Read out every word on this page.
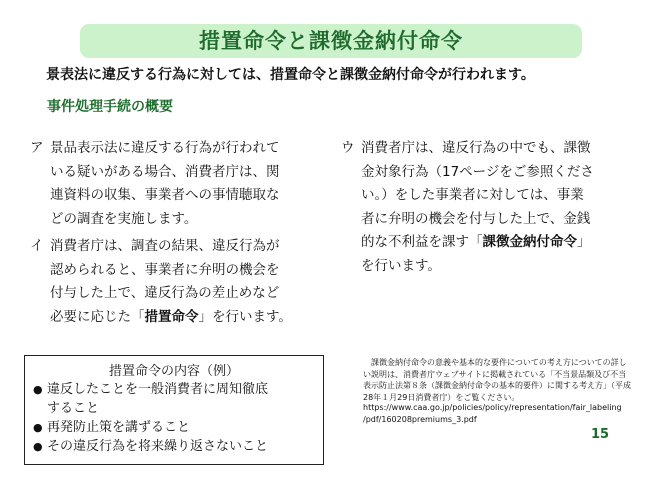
措置命令と課徴金納付命令
景表法に違反する行為に対しては、措置命令と課徴金納付命令が行われます。
事件処理手続の概要
ア 景品表示法に違反する行為が行われて
いる疑いがある場合、消費者庁は、関
連資料の収集、事業者への事情聴取な
どの調査を実施します。
イ 消費者庁は、調査の結果、違反行為が
認められると、事業者に弁明の機会を
付与した上で、違反行為の差止めなど
必要に応じた「措置命令」を行います。
ウ 消費者庁は、違反行為の中でも、課徴
金対象行為（17ページをご参照くださ
い。）をした事業者に対しては、事業
者に弁明の機会を付与した上で、金銭
的な不利益を課す「課徴金納付命令」
を行います。
措置命令の内容（例）
● 違反したことを一般消費者に周知徹底
すること
● 再発防止策を講ずること
● その違反行為を将来繰り返さないこと

課徴金納付命令の意義や基本的な要件についての考え方についての詳しい説明は、消費者庁ウェブサイトに掲載されている「不当景品類及び不当表示防止法第８条（課徴金納付命令の基本的要件）に関する考え方」（平成28年１月29日消費者庁）をご覧ください。

https://www.caa.go.jp/policies/policy/representation/fair_labeling
/pdf/160208premiums_3.pdf
15
